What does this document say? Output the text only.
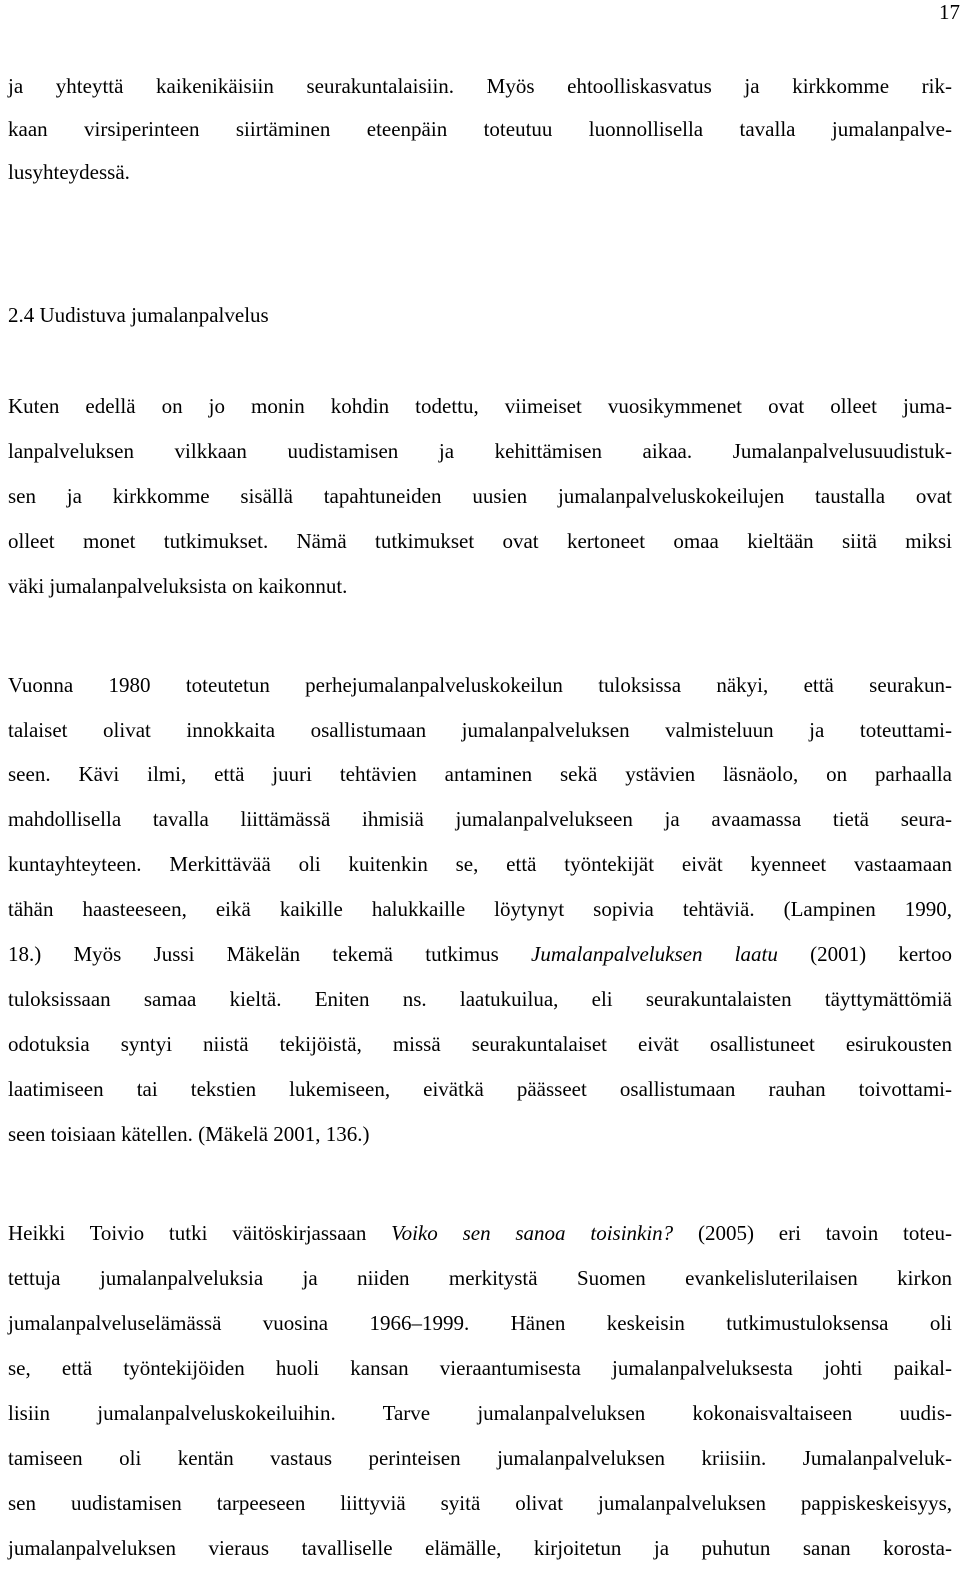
17
ja yhteyttä kaikenikäisiin seurakuntalaisiin. Myös ehtoolliskasvatus ja kirkkomme rik-
kaan virsiperinteen siirtäminen eteenpäin toteutuu luonnollisella tavalla jumalanpalve-
lusyhteydessä.
2.4 Uudistuva jumalanpalvelus
Kuten edellä on jo monin kohdin todettu, viimeiset vuosikymmenet ovat olleet juma-
lanpalveluksen vilkkaan uudistamisen ja kehittämisen aikaa. Jumalanpalvelusuudistuk-
sen ja kirkkomme sisällä tapahtuneiden uusien jumalanpalveluskokeilujen taustalla ovat
olleet monet tutkimukset. Nämä tutkimukset ovat kertoneet omaa kieltään siitä miksi
väki jumalanpalveluksista on kaikonnut.
Vuonna 1980 toteutetun perhejumalanpalveluskokeilun tuloksissa näkyi, että seurakun-
talaiset olivat innokkaita osallistumaan jumalanpalveluksen valmisteluun ja toteuttami-
seen. Kävi ilmi, että juuri tehtävien antaminen sekä ystävien läsnäolo, on parhaalla
mahdollisella tavalla liittämässä ihmisiä jumalanpalvelukseen ja avaamassa tietä seura-
kuntayhteyteen. Merkittävää oli kuitenkin se, että työntekijät eivät kyenneet vastaamaan
tähän haasteeseen, eikä kaikille halukkaille löytynyt sopivia tehtäviä. (Lampinen 1990,
18.) Myös Jussi Mäkelän tekemä tutkimus Jumalanpalveluksen laatu (2001) kertoo
tuloksissaan samaa kieltä. Eniten ns. laatukuilua, eli seurakuntalaisten täyttymättömiä
odotuksia syntyi niistä tekijöistä, missä seurakuntalaiset eivät osallistuneet esirukousten
laatimiseen tai tekstien lukemiseen, eivätkä päässeet osallistumaan rauhan toivottami-
seen toisiaan kätellen. (Mäkelä 2001, 136.)
Heikki Toivio tutki väitöskirjassaan Voiko sen sanoa toisinkin? (2005) eri tavoin toteu-
tettuja jumalanpalveluksia ja niiden merkitystä Suomen evankelisluterilaisen kirkon
jumalanpalveluselämässä vuosina 1966–1999. Hänen keskeisin tutkimustuloksensa oli
se, että työntekijöiden huoli kansan vieraantumisesta jumalanpalveluksesta johti paikal-
lisiin jumalanpalveluskokeiluihin. Tarve jumalanpalveluksen kokonaisvaltaiseen uudis-
tamiseen oli kentän vastaus perinteisen jumalanpalveluksen kriisiin. Jumalanpalveluk-
sen uudistamisen tarpeeseen liittyviä syitä olivat jumalanpalveluksen pappiskeskeisyys,
jumalanpalveluksen vieraus tavalliselle elämälle, kirjoitetun ja puhutun sanan korosta-
